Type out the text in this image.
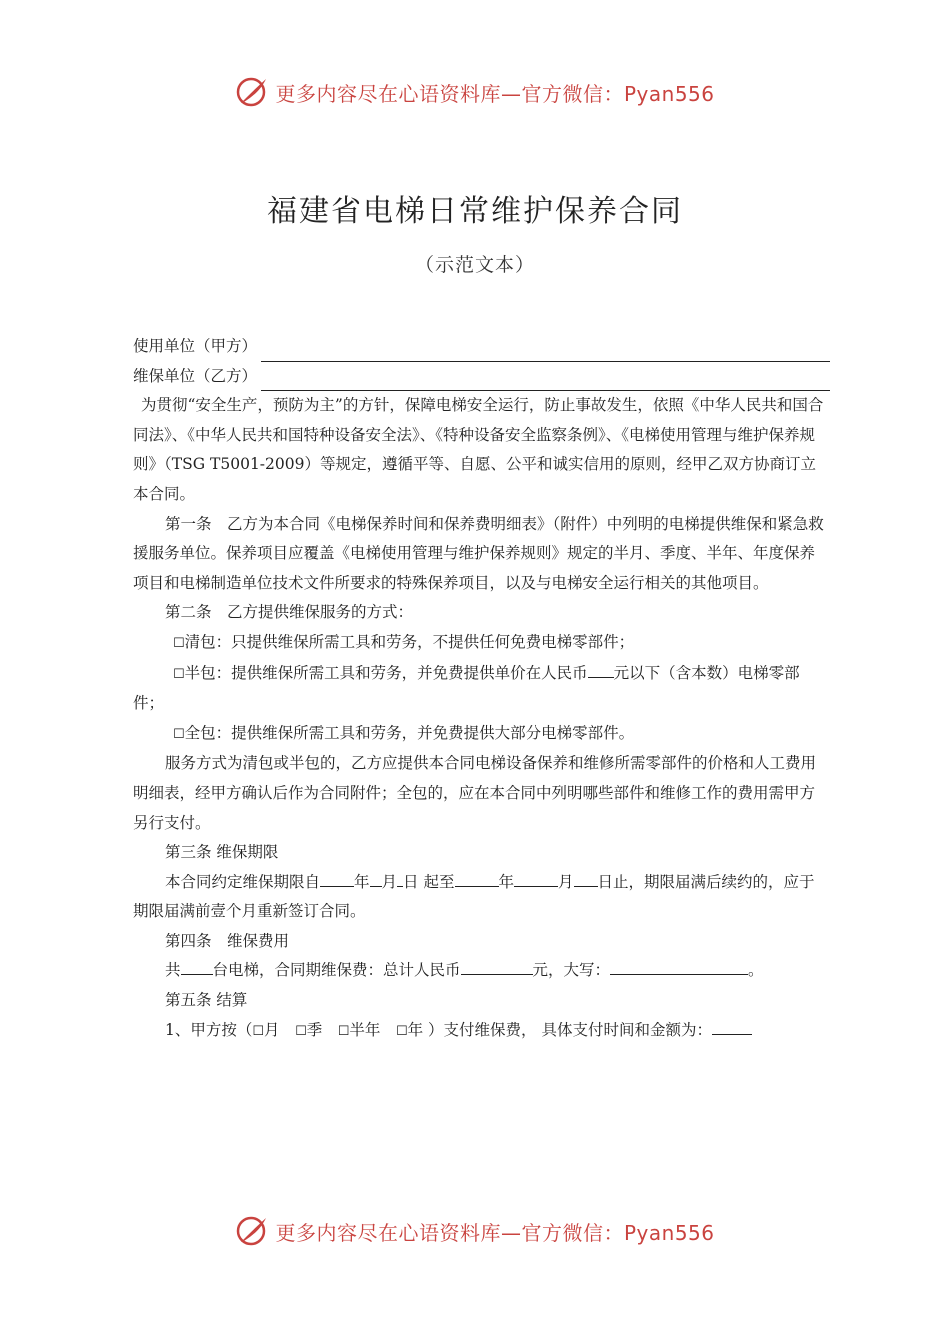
更多内容尽在心语资料库—官方微信：Pyan556
福建省电梯日常维护保养合同
（示范文本）

使用单位（甲方）

维保单位（乙方）

为贯彻“安全生产，预防为主”的方针，保障电梯安全运行，防止事故发生，依照《中华人民共和国合同法》、《中华人民共和国特种设备安全法》、《特种设备安全监察条例》、《电梯使用管理与维护保养规则》（TSG T5001-2009）等规定，遵循平等、自愿、公平和诚实信用的原则，经甲乙双方协商订立本合同。

第一条　乙方为本合同《电梯保养时间和保养费明细表》（附件）中列明的电梯提供维保和紧急救援服务单位。保养项目应覆盖《电梯使用管理与维护保养规则》规定的半月、季度、半年、年度保养项目和电梯制造单位技术文件所要求的特殊保养项目，以及与电梯安全运行相关的其他项目。

第二条　乙方提供维保服务的方式：

☐清包：只提供维保所需工具和劳务，不提供任何免费电梯零部件；

☐半包：提供维保所需工具和劳务，并免费提供单价在人民币 元以下（含本数）电梯零部件；

☐全包：提供维保所需工具和劳务，并免费提供大部分电梯零部件。

服务方式为清包或半包的，乙方应提供本合同电梯设备保养和维修所需零部件的价格和人工费用明细表，经甲方确认后作为合同附件；全包的，应在本合同中列明哪些部件和维修工作的费用需甲方另行支付。

第三条 维保期限

本合同约定维保期限自 年 月 日 起至	年	月 日止，期限届满后续约的，应于期限届满前壹个月重新签订合同。

第四条　维保费用

共 台电梯，合同期维保费：总计人民币	元，大写：	。

第五条 结算

1、甲方按（☐月　 ☐季　 ☐半年　 ☐年 ）支付维保费， 具体支付时间和金额为：

更多内容尽在心语资料库—官方微信：Pyan556
